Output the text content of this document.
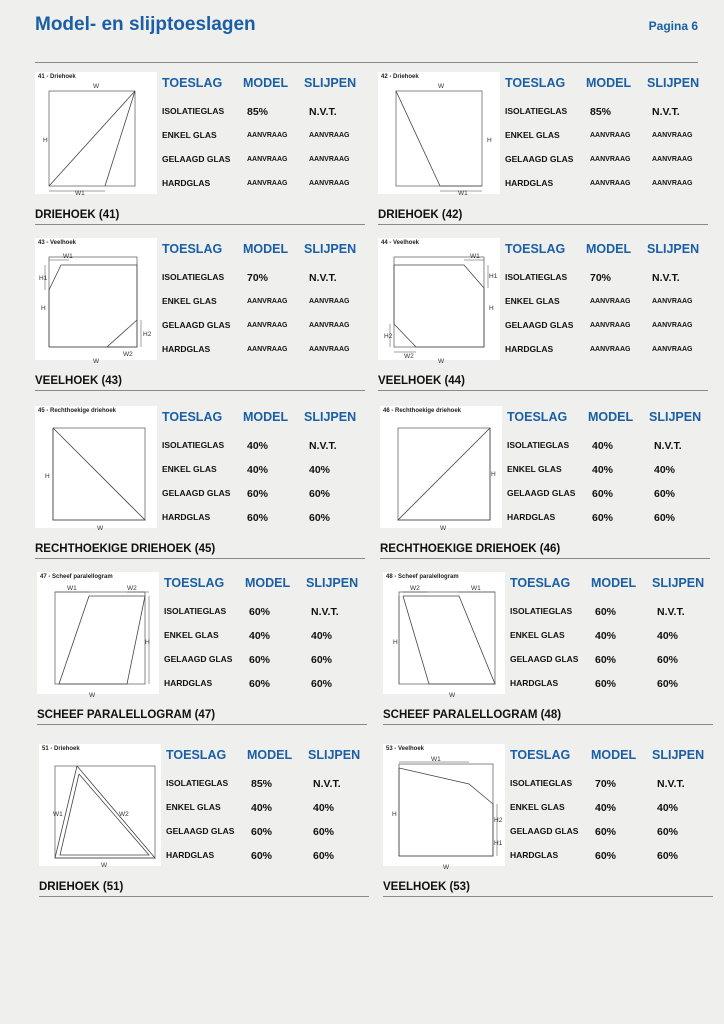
Model- en slijptoeslagen	Pagina 6
W
H
W1
41 - Driehoek	TOESLAG MODEL SLIJPEN
ISOLATIEGLAS 85%	N.V.T.
ENKEL GLAS	AANVRAAG	AANVRAAG
GELAAGD GLAS AANVRAAG	AANVRAAG
HARDGLAS	AANVRAAG	AANVRAAG
DRIEHOEK (41)
W
H
W1
42 - Driehoek	TOESLAG MODEL SLIJPEN
ISOLATIEGLAS 85%	N.V.T.
ENKEL GLAS	AANVRAAG	AANVRAAG
GELAAGD GLAS AANVRAAG	AANVRAAG
HARDGLAS	AANVRAAG	AANVRAAG
DRIEHOEK (42)
W1
H1
H
H2
W2
W
43 - Veelhoek	TOESLAG MODEL SLIJPEN
ISOLATIEGLAS 70%	N.V.T.
ENKEL GLAS	AANVRAAG	AANVRAAG
GELAAGD GLAS AANVRAAG	AANVRAAG
HARDGLAS	AANVRAAG	AANVRAAG
VEELHOEK (43)
W1
H1
H
H2
W2
W
44 - Veelhoek	TOESLAG MODEL SLIJPEN
ISOLATIEGLAS 70%	N.V.T.
ENKEL GLAS	AANVRAAG	AANVRAAG
GELAAGD GLAS AANVRAAG	AANVRAAG
HARDGLAS	AANVRAAG	AANVRAAG
VEELHOEK (44)
H
W
45 - Rechthoekige driehoek	TOESLAG MODEL SLIJPEN
ISOLATIEGLAS 40%	N.V.T.
ENKEL GLAS	40%	40%
GELAAGD GLAS 60%	60%
HARDGLAS	60%	60%
RECHTHOEKIGE DRIEHOEK (45)
H
W
46 - Rechthoekige driehoek	TOESLAG MODEL SLIJPEN
ISOLATIEGLAS 40%	N.V.T.
ENKEL GLAS	40%	40%
GELAAGD GLAS 60%	60%
HARDGLAS	60%	60%
RECHTHOEKIGE DRIEHOEK (46)
W1	W2
H
W
47 - Scheef paralellogram	TOESLAG MODEL SLIJPEN
ISOLATIEGLAS 60%	N.V.T.
ENKEL GLAS	40%	40%
GELAAGD GLAS 60%	60%
HARDGLAS	60%	60%
SCHEEF PARALELLOGRAM (47)
W2	W1
H
W
48 - Scheef paralellogram	TOESLAG MODEL SLIJPEN
ISOLATIEGLAS 60%	N.V.T.
ENKEL GLAS	40%	40%
GELAAGD GLAS 60%	60%
HARDGLAS	60%	60%
SCHEEF PARALELLOGRAM (48)
W1	W2
W
51 - Driehoek	TOESLAG MODEL SLIJPEN
ISOLATIEGLAS 85%	N.V.T.
ENKEL GLAS	40%	40%
GELAAGD GLAS 60%	60%
HARDGLAS	60%	60%
DRIEHOEK (51)
W1
H
H2
H1
W
53 - Veelhoek	TOESLAG MODEL SLIJPEN
ISOLATIEGLAS 70%	N.V.T.
ENKEL GLAS	40%	40%
GELAAGD GLAS 60%	60%
HARDGLAS	60%	60%
VEELHOEK (53)
